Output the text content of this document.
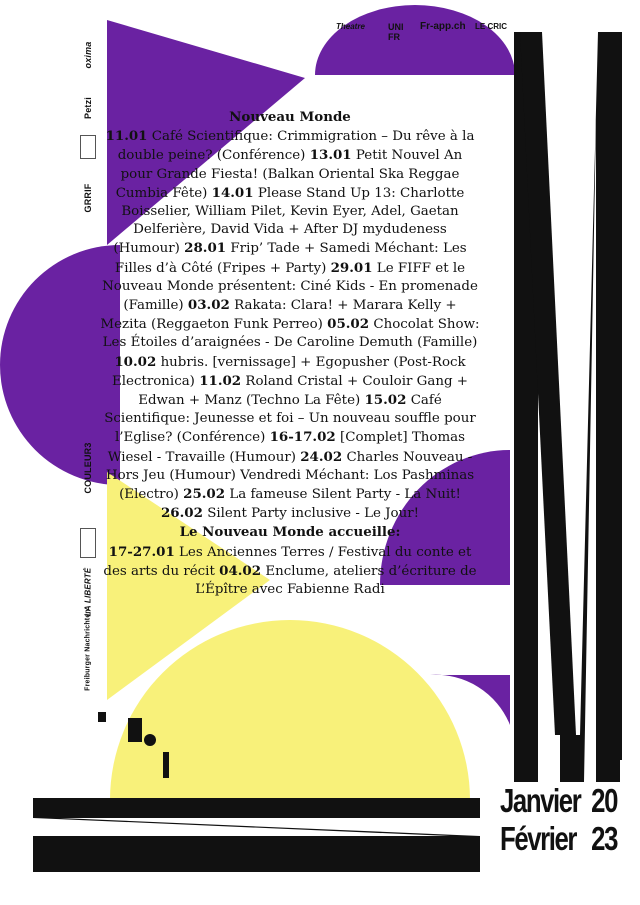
Theatre	UNI FR
Fr-app.ch LE CRIC
oxima
Petzi
GRRIF
COULEUR3
LA LIBERTÉ
Freiburger Nachrichten

Nouveau Monde

11.01 Café Scientifique: Crimmigration – Du rêve à la double peine? (Conférence) 13.01 Petit Nouvel An pour Grande Fiesta! (Balkan Oriental Ska Reggae Cumbia Fête) 14.01 Please Stand Up 13: Charlotte Boisselier, William Pilet, Kevin Eyer, Adel, Gaetan Delferière, David Vida + After DJ mydudeness (Humour) 28.01 Frip’ Tade + Samedi Méchant: Les Filles d’à Côté (Fripes + Party) 29.01 Le FIFF et le Nouveau Monde présentent: Ciné Kids - En promenade (Famille) 03.02 Rakata: Clara! + Marara Kelly + Mezita (Reggaeton Funk Perreo) 05.02 Chocolat Show: Les Étoiles d’araignées - De Caroline Demuth (Famille) 10.02 hubris. [vernissage] + Egopusher (Post-Rock Electronica) 11.02 Roland Cristal + Couloir Gang + Edwan + Manz (Techno La Fête) 15.02 Café Scientifique: Jeunesse et foi – Un nouveau souffle pour l’Eglise? (Conférence) 16-17.02 [Complet] Thomas Wiesel - Travaille (Humour) 24.02 Charles Nouveau - Hors Jeu (Humour) Vendredi Méchant: Los Pashminas (Electro) 25.02 La fameuse Silent Party - La Nuit! 26.02 Silent Party inclusive - Le Jour!

Le Nouveau Monde accueille:

17-27.01 Les Anciennes Terres / Festival du conte et des arts du récit 04.02 Enclume, ateliers d’écriture de L’Épître avec Fabienne Radi

Janvier 20
Février 23
